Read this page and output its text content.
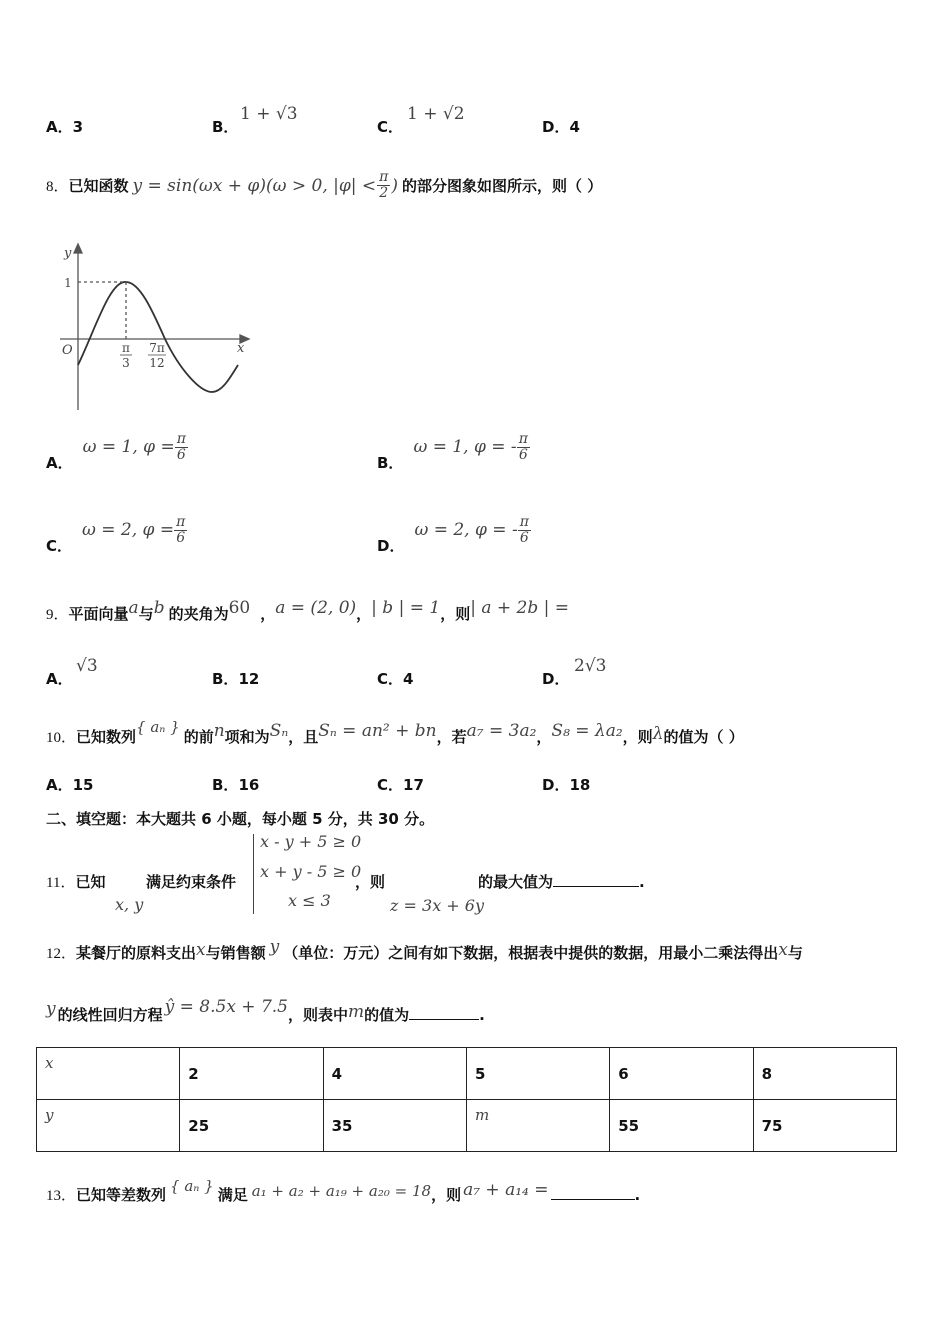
A．3	B．
1 + √3
C．
1 + √2
D．4
8． 已知函数 y = sin(ωx + φ)(ω > 0, $|\varphi| < \frac{\pi}{2}$ ) 的部分图象如图所示，则（ ）
y
x
O
1
π
3
7π
12
A．
ω = 1, $\varphi = \frac{\pi}{6}$
B．
ω = 1, φ = - $\frac{\pi}{6}$
C．
ω = 2, $\varphi = \frac{\pi}{6}$
D．
ω = 2, φ = - $\frac{\pi}{6}$
9． 平面向量 a 与 b 的夹角为 60 ， a = (2, 0) ， | b | = 1 ，则 | a + 2b | =
A．
√3
B．12	C．4	D．
2√3
10． 已知数列
{ aₙ }
的前 n 项和为 Sₙ ，且 Sₙ = an² + bn ，若 a₇ = 3a₂ ， S₈ = λa₂ ，则 λ 的值为（ ）
A．15	B．16	C．17	D．18
二、填空题：本大题共 6 小题，每小题 5 分，共 30 分。
11． 已知	满足约束条件
x, y
x - y + 5 ≥ 0
x + y - 5 ≥ 0
x ≤ 3
，则
z = 3x + 6y
的最大值为	.
12． 某餐厅的原料支出 x 与销售额 y （单位：万元）之间有如下数据，根据表中提供的数据，用最小二乘法得出 x 与
y 的线性回归方程 ŷ = 8.5x + 7.5 ，则表中 m 的值为	.
x	2	4	5	6	8
y	25	35	m	55	75
13． 已知等差数列 { aₙ } 满足 a₁ + a₂ + a₁₉ + a₂₀ = 18 ，则 a₇ + a₁₄ =	.
